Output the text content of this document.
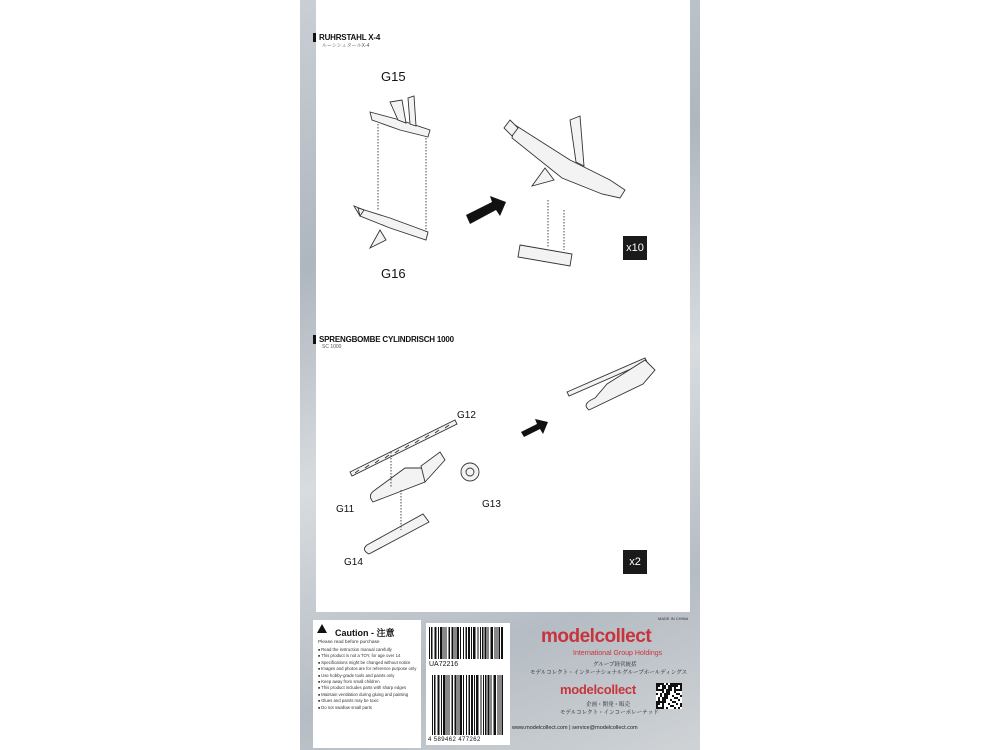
RUHRSTAHL X-4
ルーシシュタールX-4
G15
G16
x10
SPRENGBOMBE CYLINDRISCH 1000
SC 1000
G12
G11	G13
G14	x2
Caution - 注意
Please read before purchase
■ Read the instruction manual carefully
■ This product is not a TOY, for age over 14
■ Specifications might be changed without notice
■ Images and photos are for reference purpose only
■ Use hobby-grade tools and paints only
■ Keep away from small children
■ This product includes parts with sharp edges
■ Maintain ventilation during gluing and painting
■ Glues and paints may be toxic
■ Do not swallow small parts
UA72216
4 589462 477262
modelcollect
International Group Holdings
グループ経営統括
モデルコレクト・インターナショナルグループホールディングス
modelcollect
企画・開発・販売
モデルコレクト・インコーポレーテッド
www.modelcollect.com | service@modelcollect.com
MADE IN CHINA
